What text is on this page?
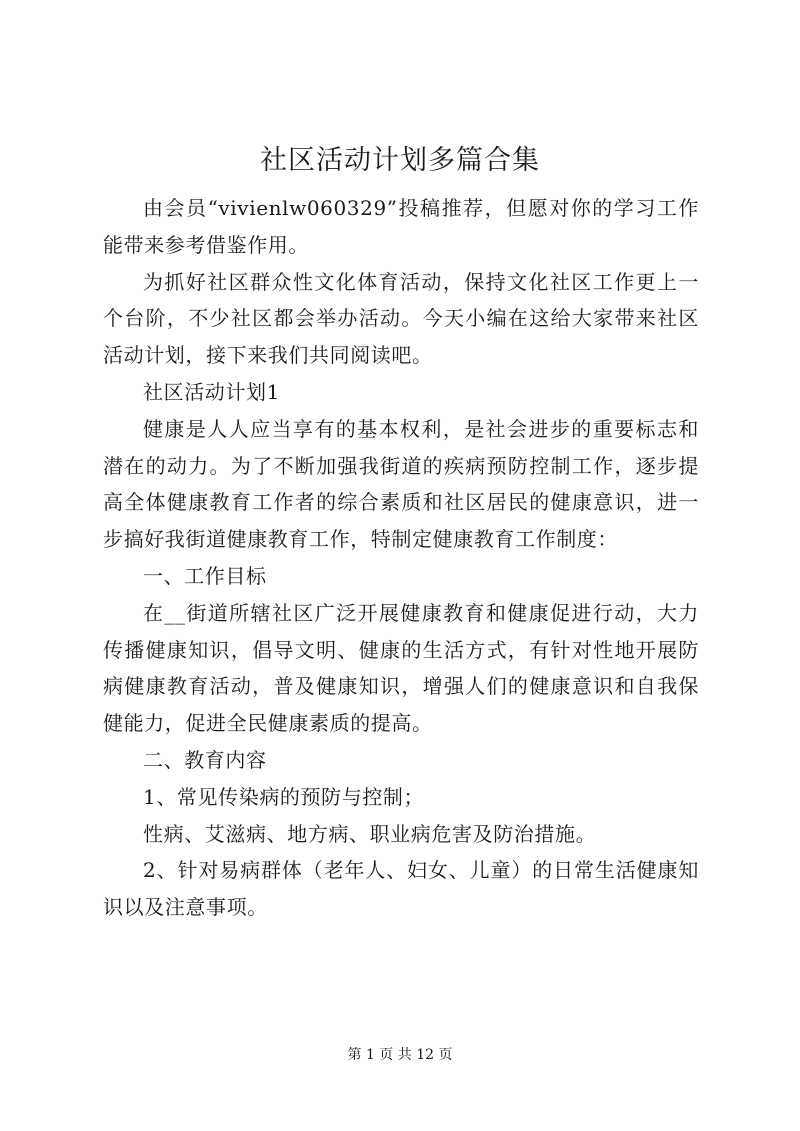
社区活动计划多篇合集

由会员“vivienlw060329”投稿推荐，但愿对你的学习工作能带来参考借鉴作用。

为抓好社区群众性文化体育活动，保持文化社区工作更上一个台阶，不少社区都会举办活动。今天小编在这给大家带来社区活动计划，接下来我们共同阅读吧。

社区活动计划1

健康是人人应当享有的基本权利，是社会进步的重要标志和潜在的动力。为了不断加强我街道的疾病预防控制工作，逐步提高全体健康教育工作者的综合素质和社区居民的健康意识，进一步搞好我街道健康教育工作，特制定健康教育工作制度：

一、工作目标

在__街道所辖社区广泛开展健康教育和健康促进行动，大力传播健康知识，倡导文明、健康的生活方式，有针对性地开展防病健康教育活动，普及健康知识，增强人们的健康意识和自我保健能力，促进全民健康素质的提高。

二、教育内容

1、常见传染病的预防与控制；

性病、艾滋病、地方病、职业病危害及防治措施。

2、针对易病群体（老年人、妇女、儿童）的日常生活健康知识以及注意事项。

第 1 页 共 12 页
